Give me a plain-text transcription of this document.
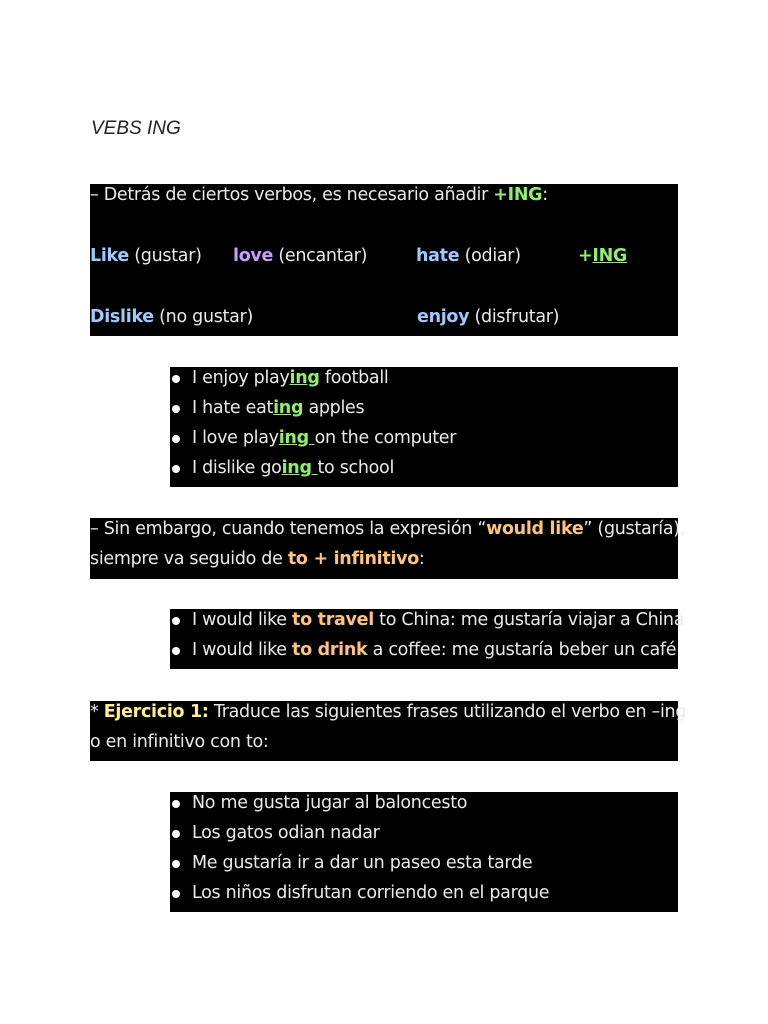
VEBS ING
– Detrás de ciertos verbos, es necesario añadir +ING:
Like (gustar) love (encantar)	hate (odiar)	+ING
Dislike (no gustar)	enjoy (disfrutar)
I enjoy playing football
I hate eating apples
I love playing on the computer
I dislike going to school
– Sin embargo, cuando tenemos la expresión “would like” (gustaría),
siempre va seguido de to + infinitivo:
I would like to travel to China: me gustaría viajar a China
I would like to drink a coffee: me gustaría beber un café
* Ejercicio 1: Traduce las siguientes frases utilizando el verbo en –ing
o en infinitivo con to:
No me gusta jugar al baloncesto
Los gatos odian nadar
Me gustaría ir a dar un paseo esta tarde
Los niños disfrutan corriendo en el parque
